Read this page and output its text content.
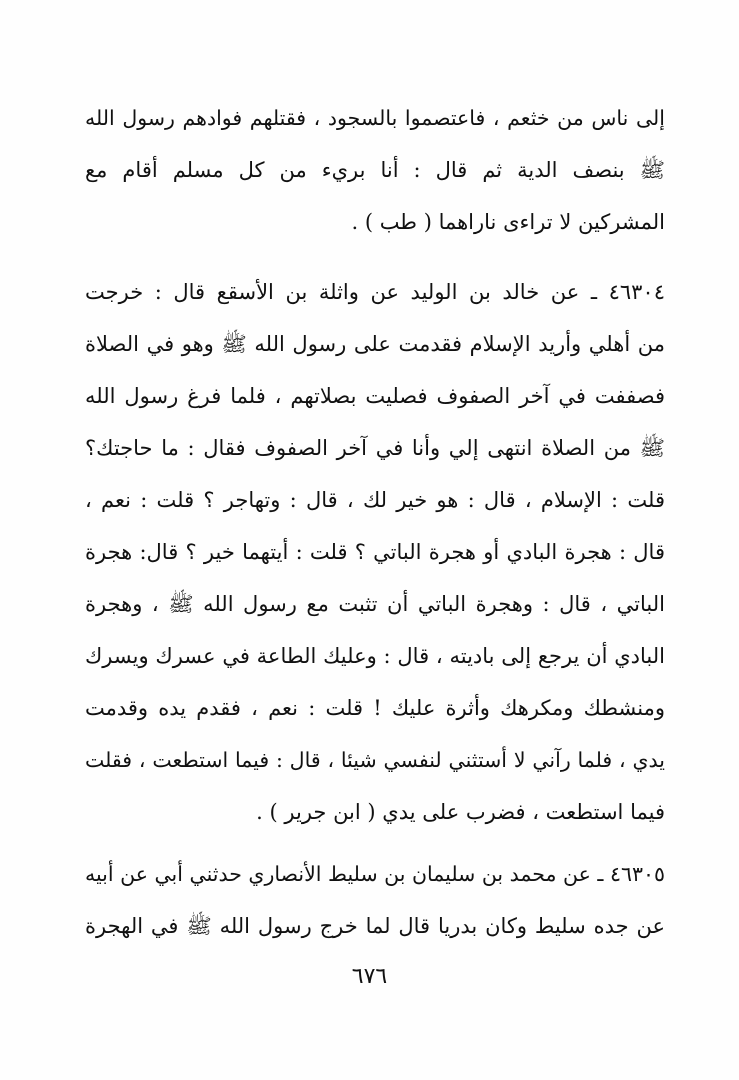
إلى ناس من خثعم ، فاعتصموا بالسجود ، فقتلهم فوادهم رسول الله
ﷺ بنصف الدية ثم قال : أنا بريء من كل مسلم أقام مع
المشركين لا تراءى ناراهما ( طب ) .
٤٦٣٠٤ ـ عن خالد بن الوليد عن واثلة بن الأسقع قال : خرجت
من أهلي وأريد الإسلام فقدمت على رسول الله ﷺ وهو في الصلاة
فصففت في آخر الصفوف فصليت بصلاتهم ، فلما فرغ رسول الله
ﷺ من الصلاة انتهى إلي وأنا في آخر الصفوف فقال : ما حاجتك؟
قلت : الإسلام ، قال : هو خير لك ، قال : وتهاجر ؟ قلت : نعم ،
قال : هجرة البادي أو هجرة الباتي ؟ قلت : أيتهما خير ؟ قال: هجرة
الباتي ، قال : وهجرة الباتي أن تثبت مع رسول الله ﷺ ، وهجرة
البادي أن يرجع إلى باديته ، قال : وعليك الطاعة في عسرك ويسرك
ومنشطك ومكرهك وأثرة عليك ! قلت : نعم ، فقدم يده وقدمت
يدي ، فلما رآني لا أستثني لنفسي شيئا ، قال : فيما استطعت ، فقلت
فيما استطعت ، فضرب على يدي ( ابن جرير ) .
٤٦٣٠٥ ـ عن محمد بن سليمان بن سليط الأنصاري حدثني أبي عن أبيه
عن جده سليط وكان بدريا قال لما خرج رسول الله ﷺ في الهجرة
٦٧٦
